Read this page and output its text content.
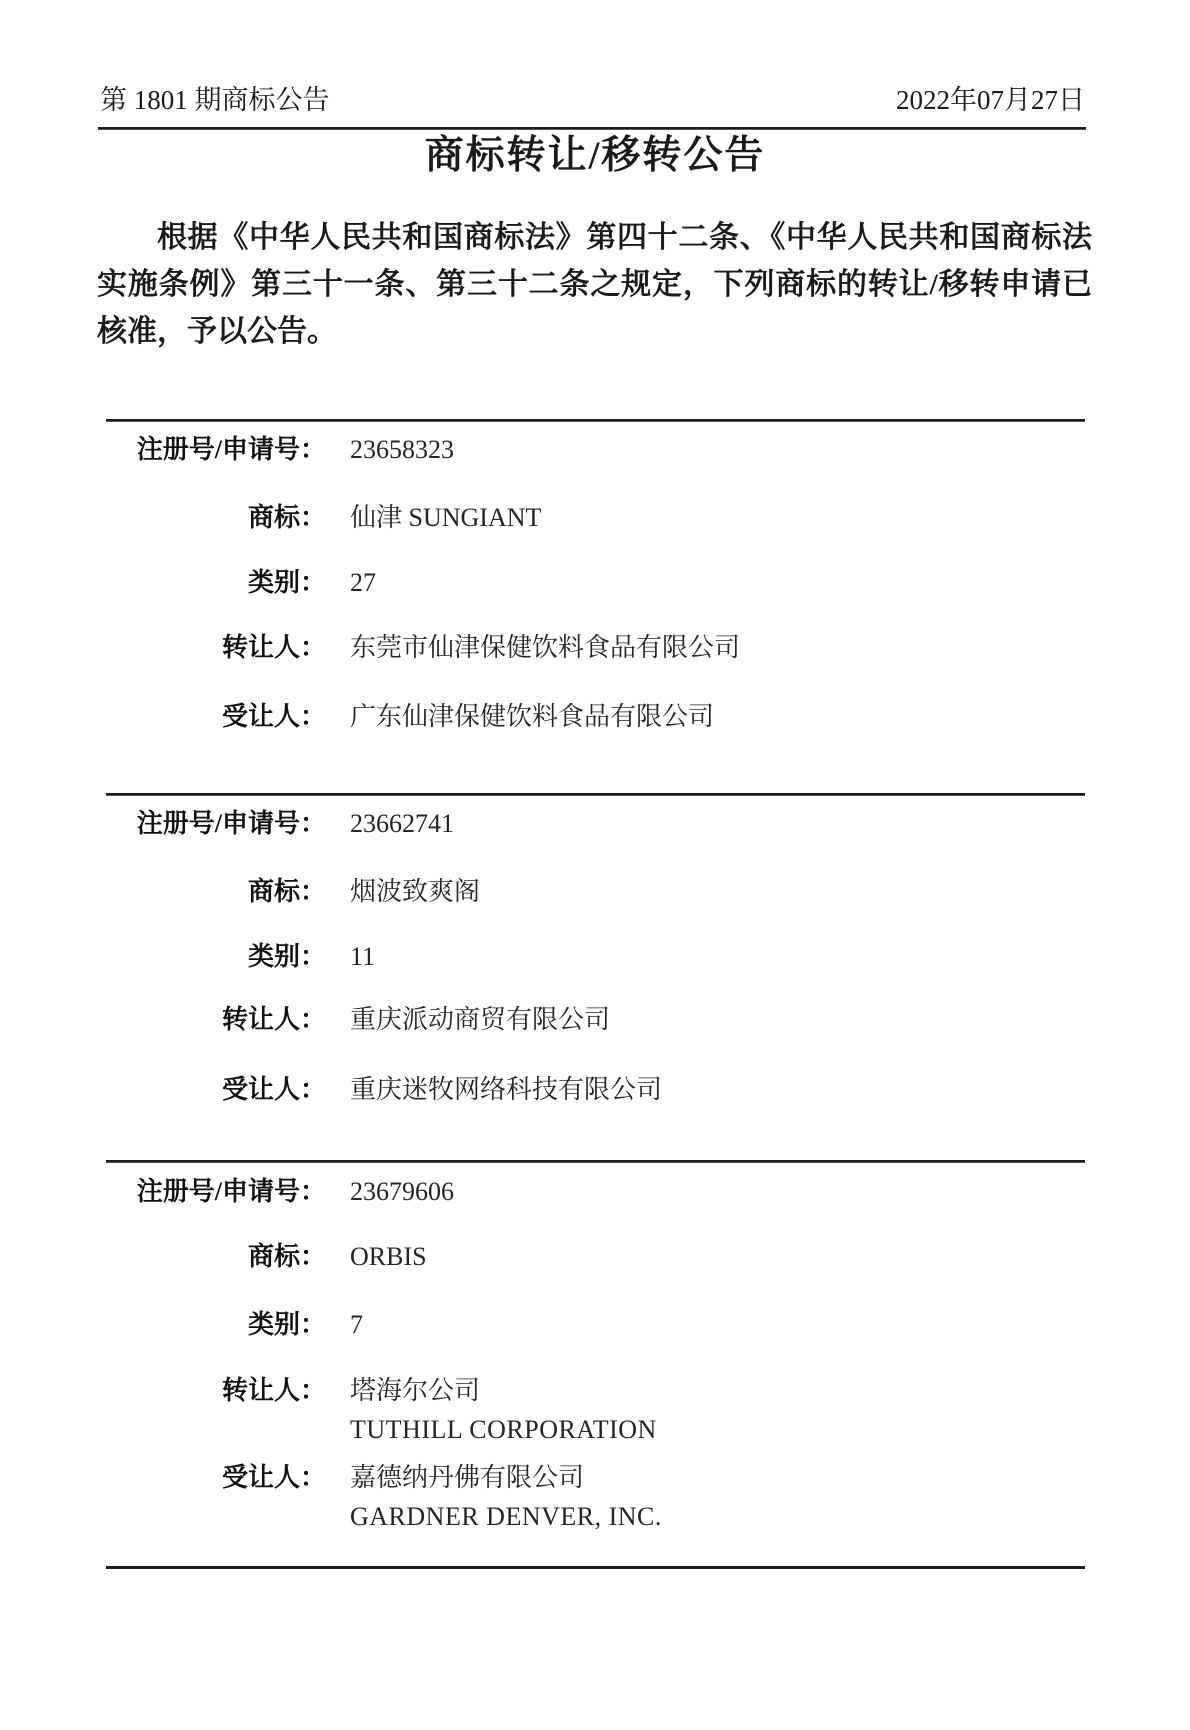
第 1801 期商标公告	2022年07月27日
商标转让/移转公告

根据《中华人民共和国商标法》第四十二条、《中华人民共和国商标法实施条例》第三十一条、第三十二条之规定，下列商标的转让/移转申请已核准，予以公告。

注册号/申请号： 23658323
商标： 仙津 SUNGIANT
类别： 27
转让人： 东莞市仙津保健饮料食品有限公司
受让人： 广东仙津保健饮料食品有限公司
注册号/申请号： 23662741
商标： 烟波致爽阁
类别： 11
转让人： 重庆派动商贸有限公司
受让人： 重庆迷牧网络科技有限公司
注册号/申请号： 23679606
商标： ORBIS
类别： 7
转让人： 塔海尔公司
TUTHILL CORPORATION
受让人： 嘉德纳丹佛有限公司
GARDNER DENVER, INC.
